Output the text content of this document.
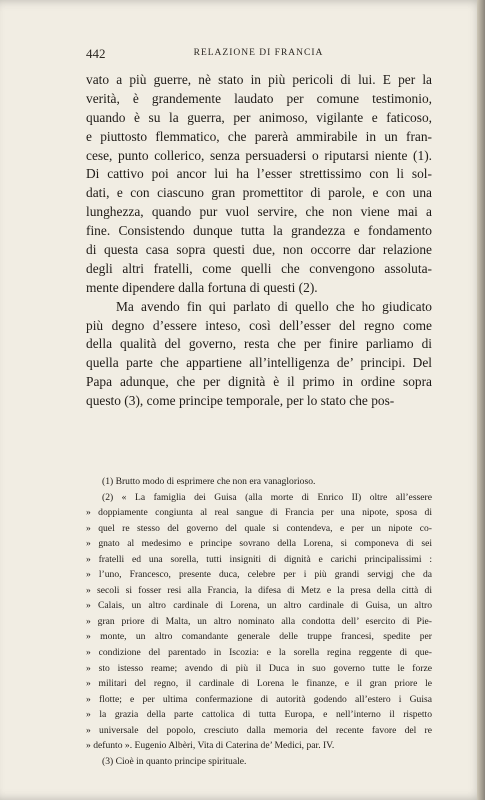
442	RELAZIONE DI FRANCIA
vato a più guerre, nè stato in più pericoli di lui. E per la
verità, è grandemente laudato per comune testimonio,
quando è su la guerra, per animoso, vigilante e faticoso,
e piuttosto flemmatico, che parerà ammirabile in un fran-
cese, punto collerico, senza persuadersi o riputarsi niente (1).
Di cattivo poi ancor lui ha l’esser strettissimo con li sol-
dati, e con ciascuno gran promettitor di parole, e con una
lunghezza, quando pur vuol servire, che non viene mai a
fine. Consistendo dunque tutta la grandezza e fondamento
di questa casa sopra questi due, non occorre dar relazione
degli altri fratelli, come quelli che convengono assoluta-
mente dipendere dalla fortuna di questi (2).
Ma avendo fin qui parlato di quello che ho giudicato
più degno d’essere inteso, così dell’esser del regno come
della qualità del governo, resta che per finire parliamo di
quella parte che appartiene all’intelligenza de’ principi. Del
Papa adunque, che per dignità è il primo in ordine sopra
questo (3), come principe temporale, per lo stato che pos-
(1) Brutto modo di esprimere che non era vanaglorioso.
(2) « La famiglia dei Guisa (alla morte di Enrico II) oltre all’essere
» doppiamente congiunta al real sangue di Francia per una nipote, sposa di
» quel re stesso del governo del quale si contendeva, e per un nipote co-
» gnato al medesimo e principe sovrano della Lorena, si componeva di sei
» fratelli ed una sorella, tutti insigniti di dignità e carichi principalissimi :
» l’uno, Francesco, presente duca, celebre per i più grandi servigj che da
» secoli si fosser resi alla Francia, la difesa di Metz e la presa della città di
» Calais, un altro cardinale di Lorena, un altro cardinale di Guisa, un altro
» gran priore di Malta, un altro nominato alla condotta dell’ esercito di Pie-
» monte, un altro comandante generale delle truppe francesi, spedite per
» condizione del parentado in Iscozia: e la sorella regina reggente di que-
» sto istesso reame; avendo di più il Duca in suo governo tutte le forze
» militari del regno, il cardinale di Lorena le finanze, e il gran priore le
» flotte; e per ultima confermazione di autorità godendo all’estero i Guisa
» la grazia della parte cattolica di tutta Europa, e nell’interno il rispetto
» universale del popolo, cresciuto dalla memoria del recente favore del re
» defunto ». Eugenio Albèri, Vita di Caterina de’ Medici, par. IV.
(3) Cioè in quanto principe spirituale.
